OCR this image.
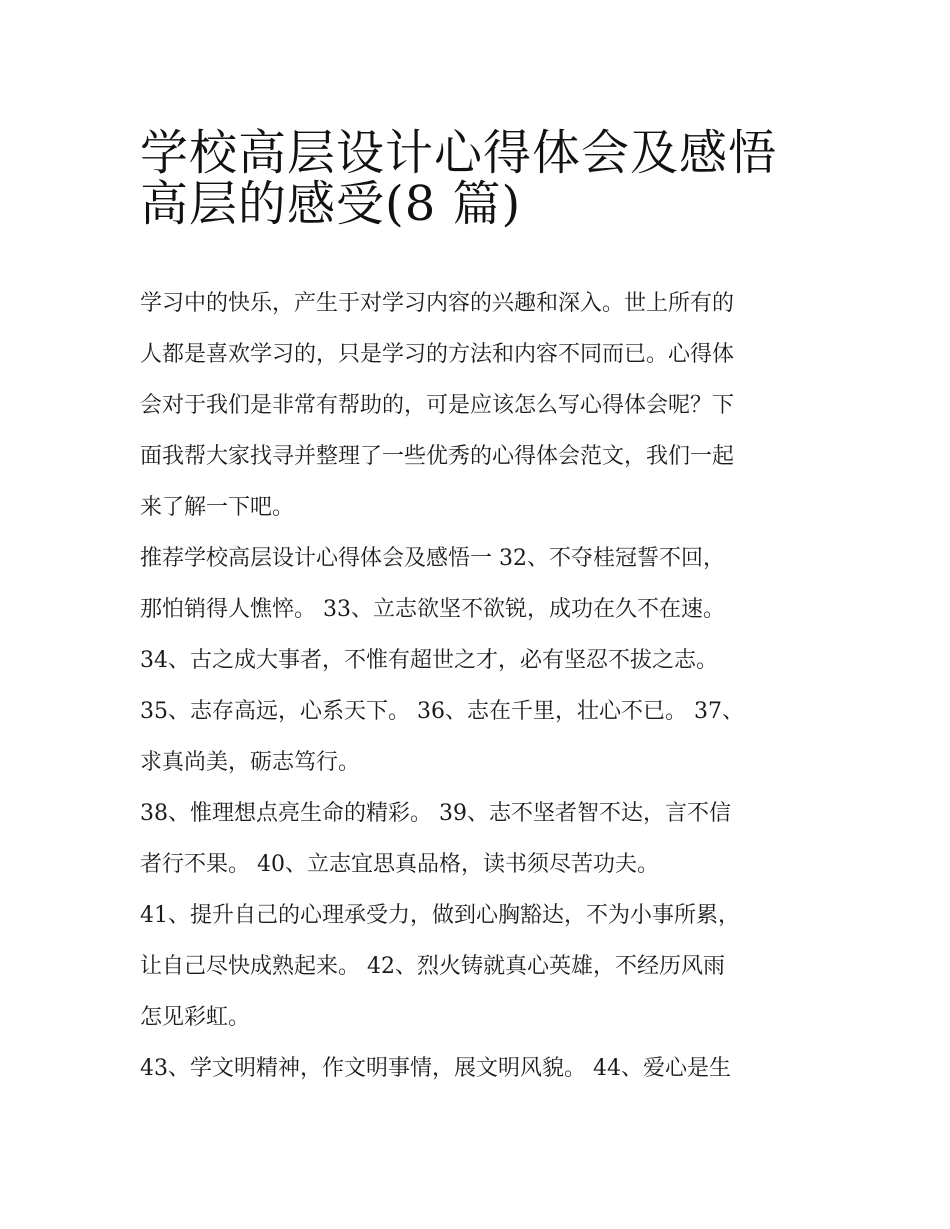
学校高层设计心得体会及感悟
高层的感受(8 篇)
学习中的快乐，产生于对学习内容的兴趣和深入。世上所有的
人都是喜欢学习的，只是学习的方法和内容不同而已。心得体
会对于我们是非常有帮助的，可是应该怎么写心得体会呢？下
面我帮大家找寻并整理了一些优秀的心得体会范文，我们一起
来了解一下吧。
推荐学校高层设计心得体会及感悟一 32、不夺桂冠誓不回，
那怕销得人憔悴。 33、立志欲坚不欲锐，成功在久不在速。
34、古之成大事者，不惟有超世之才，必有坚忍不拔之志。
35、志存高远，心系天下。 36、志在千里，壮心不已。 37、
求真尚美，砺志笃行。
38、惟理想点亮生命的精彩。 39、志不坚者智不达，言不信
者行不果。 40、立志宜思真品格，读书须尽苦功夫。
41、提升自己的心理承受力，做到心胸豁达，不为小事所累，
让自己尽快成熟起来。 42、烈火铸就真心英雄，不经历风雨
怎见彩虹。
43、学文明精神，作文明事情，展文明风貌。 44、爱心是生
